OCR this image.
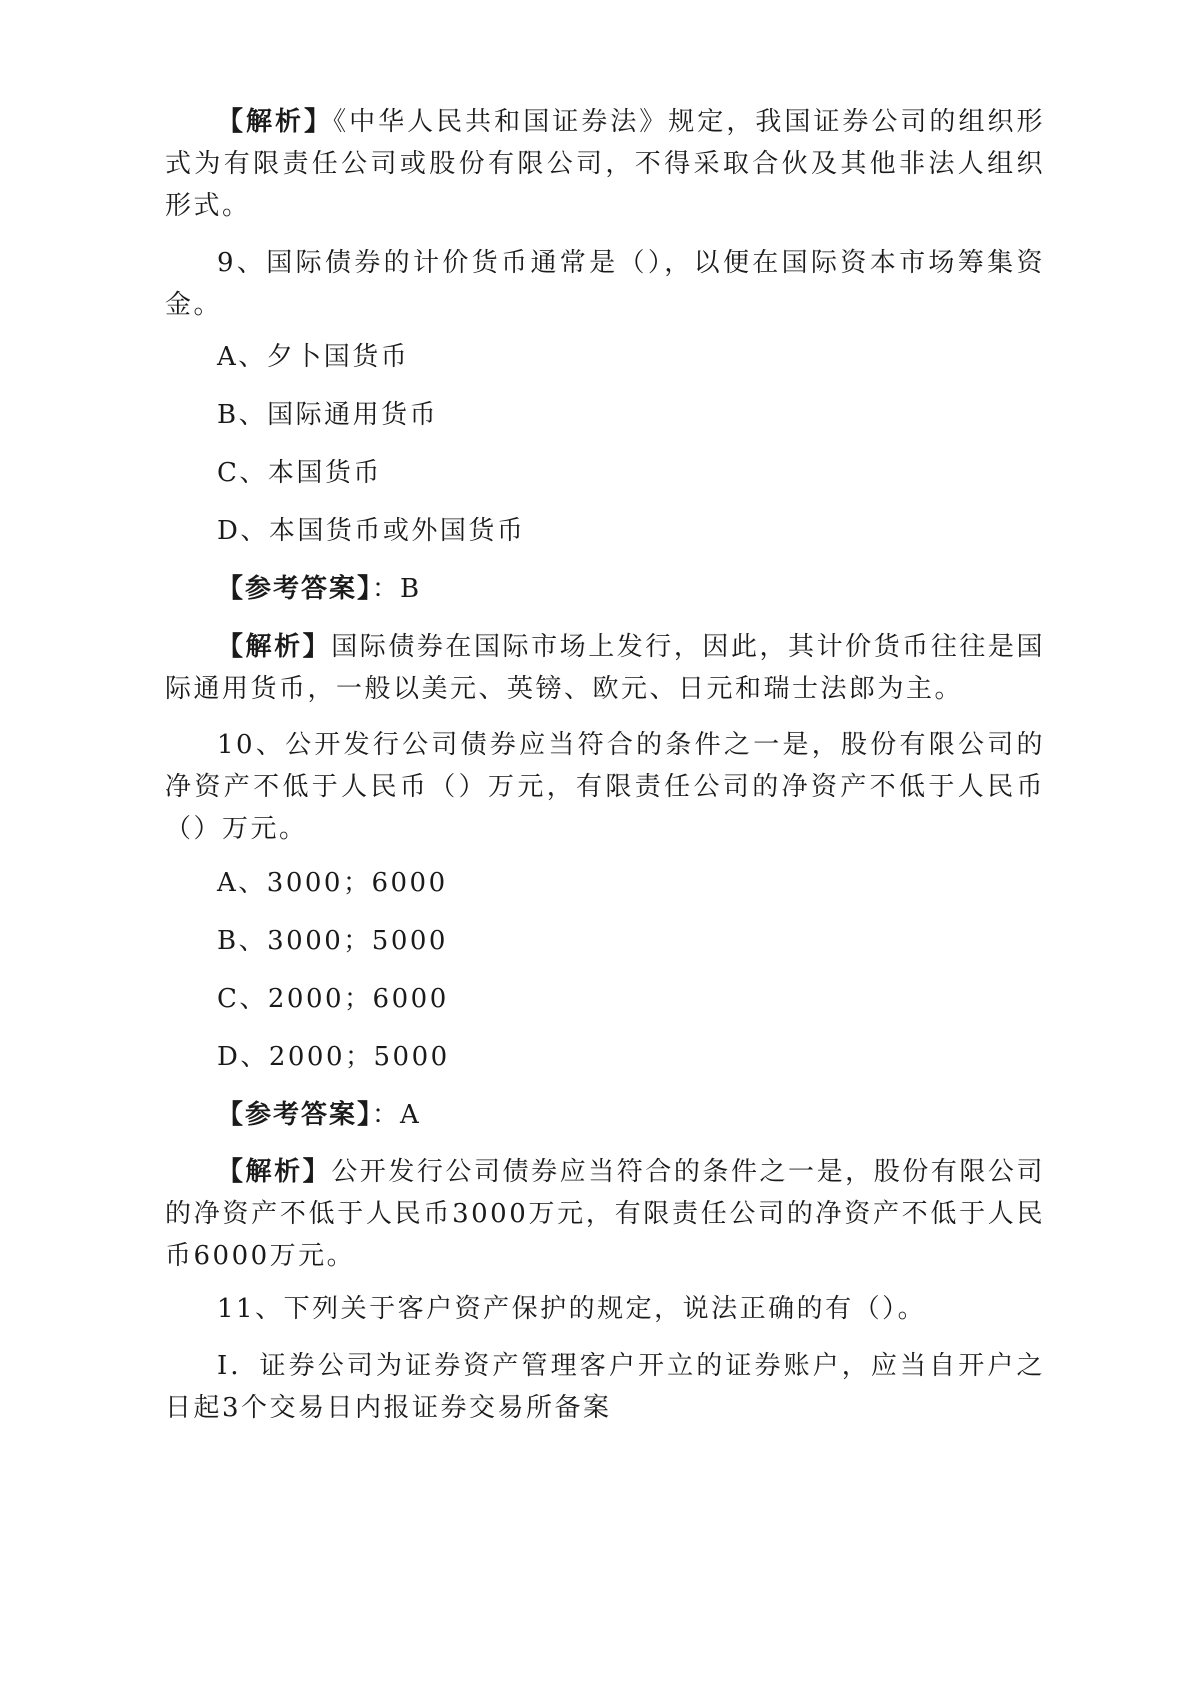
【解析】《中华人民共和国证券法》规定，我国证券公司的组织形式为有限责任公司或股份有限公司，不得采取合伙及其他非法人组织形式。

9、国际债券的计价货币通常是（），以便在国际资本市场筹集资金。

A、夕卜国货币

B、国际通用货币

C、本国货币

D、本国货币或外国货币

【参考答案】：B

【解析】国际债券在国际市场上发行，因此，其计价货币往往是国际通用货币，一般以美元、英镑、欧元、日元和瑞士法郎为主。

10、公开发行公司债券应当符合的条件之一是，股份有限公司的净资产不低于人民币（）万元，有限责任公司的净资产不低于人民币（）万元。

A、3000；6000

B、3000；5000

C、2000；6000

D、2000；5000

【参考答案】：A

【解析】公开发行公司债券应当符合的条件之一是，股份有限公司的净资产不低于人民币3000万元，有限责任公司的净资产不低于人民币6000万元。

11、下列关于客户资产保护的规定，说法正确的有（）。

Ⅰ．证券公司为证券资产管理客户开立的证券账户，应当自开户之日起3个交易日内报证券交易所备案
